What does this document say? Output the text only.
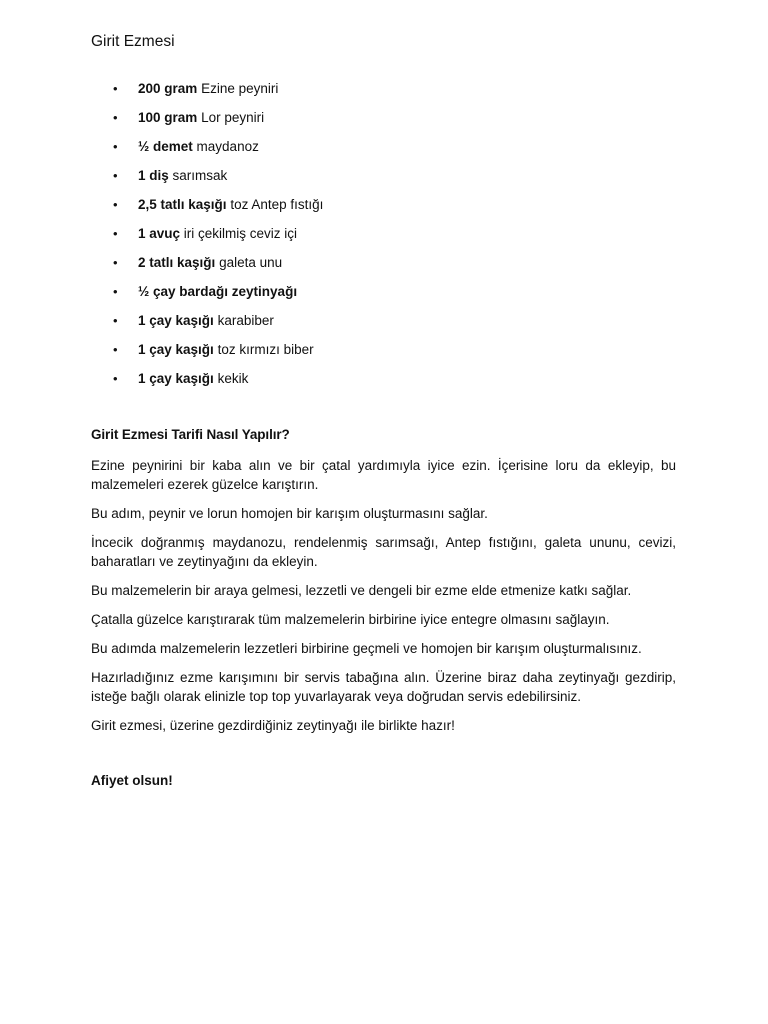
Girit Ezmesi
• 200 gram Ezine peyniri
• 100 gram Lor peyniri
• ½ demet maydanoz
• 1 diş sarımsak
• 2,5 tatlı kaşığı toz Antep fıstığı
• 1 avuç iri çekilmiş ceviz içi
• 2 tatlı kaşığı galeta unu
• ½ çay bardağı zeytinyağı
• 1 çay kaşığı karabiber
• 1 çay kaşığı toz kırmızı biber
• 1 çay kaşığı kekik
Girit Ezmesi Tarifi Nasıl Yapılır?

Ezine peynirini bir kaba alın ve bir çatal yardımıyla iyice ezin. İçerisine loru da ekleyip, bu malzemeleri ezerek güzelce karıştırın.

Bu adım, peynir ve lorun homojen bir karışım oluşturmasını sağlar.

İncecik doğranmış maydanozu, rendelenmiş sarımsağı, Antep fıstığını, galeta ununu, cevizi, baharatları ve zeytinyağını da ekleyin.

Bu malzemelerin bir araya gelmesi, lezzetli ve dengeli bir ezme elde etmenize katkı sağlar.

Çatalla güzelce karıştırarak tüm malzemelerin birbirine iyice entegre olmasını sağlayın.

Bu adımda malzemelerin lezzetleri birbirine geçmeli ve homojen bir karışım oluşturmalısınız.

Hazırladığınız ezme karışımını bir servis tabağına alın. Üzerine biraz daha zeytinyağı gezdirip, isteğe bağlı olarak elinizle top top yuvarlayarak veya doğrudan servis edebilirsiniz.

Girit ezmesi, üzerine gezdirdiğiniz zeytinyağı ile birlikte hazır!

Afiyet olsun!
